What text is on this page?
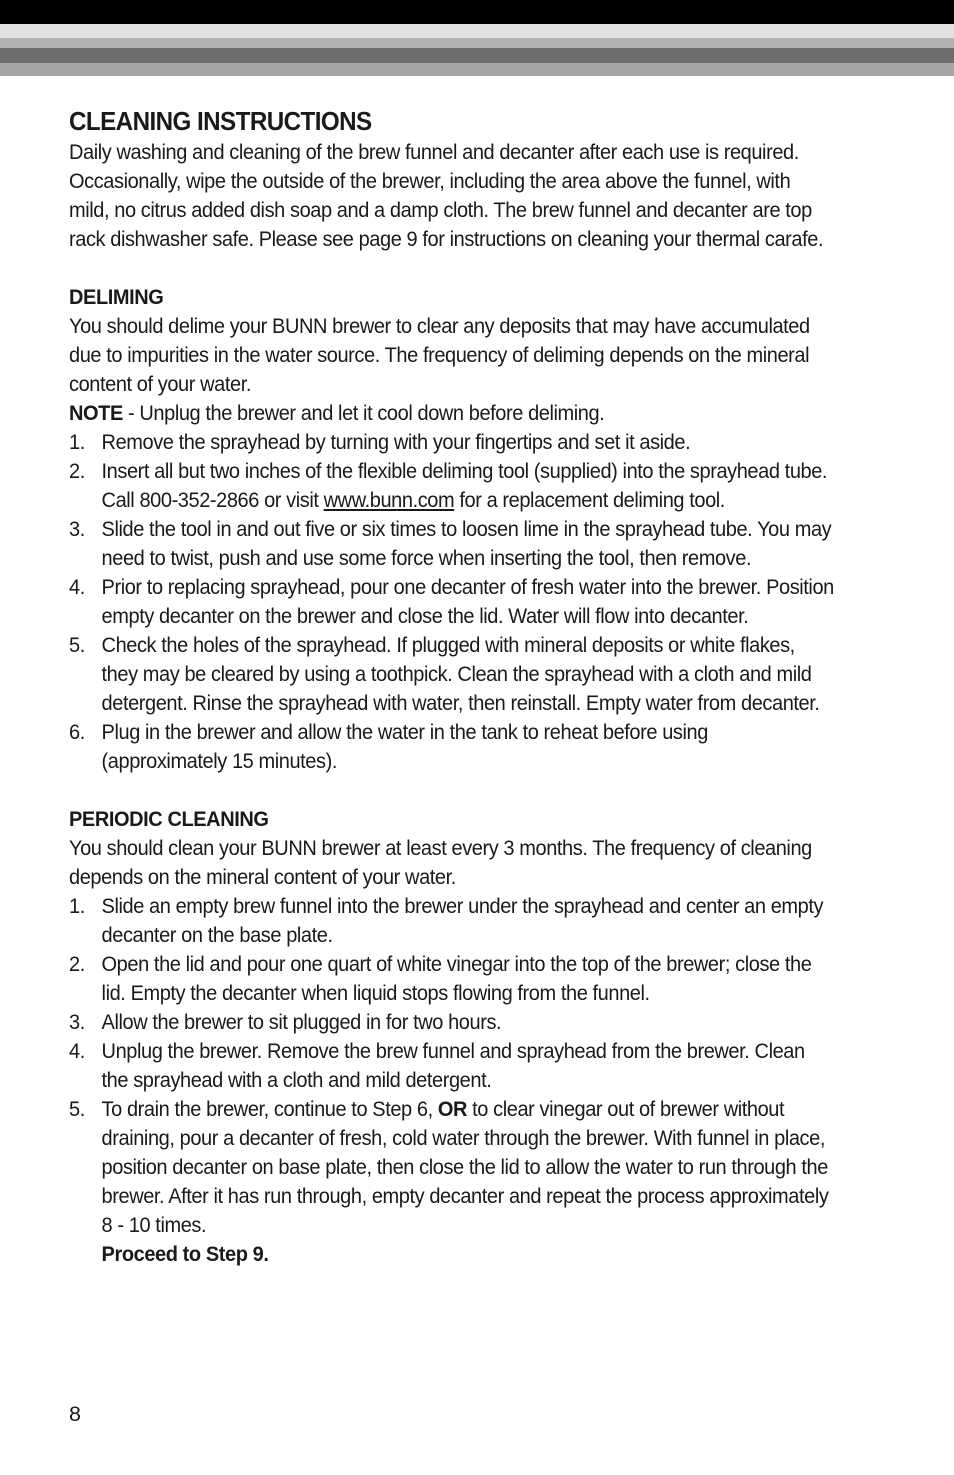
CLEANING INSTRUCTIONS

Daily washing and cleaning of the brew funnel and decanter after each use is required. Occasionally, wipe the outside of the brewer, including the area above the funnel, with mild, no citrus added dish soap and a damp cloth. The brew funnel and decanter are top rack dishwasher safe. Please see page 9 for instructions on cleaning your thermal carafe.

DELIMING

You should delime your BUNN brewer to clear any deposits that may have accumulated due to impurities in the water source. The frequency of deliming depends on the mineral content of your water.

NOTE - Unplug the brewer and let it cool down before deliming.

1. Remove the sprayhead by turning with your fingertips and set it aside.
2. Insert all but two inches of the flexible deliming tool (supplied) into the sprayhead tube. Call 800-352-2866 or visit www.bunn.com for a replacement deliming tool.
3. Slide the tool in and out five or six times to loosen lime in the sprayhead tube. You may need to twist, push and use some force when inserting the tool, then remove.
4. Prior to replacing sprayhead, pour one decanter of fresh water into the brewer. Position empty decanter on the brewer and close the lid. Water will flow into decanter.
5. Check the holes of the sprayhead. If plugged with mineral deposits or white flakes, they may be cleared by using a toothpick. Clean the sprayhead with a cloth and mild detergent. Rinse the sprayhead with water, then reinstall. Empty water from decanter.
6. Plug in the brewer and allow the water in the tank to reheat before using (approximately 15 minutes).
PERIODIC CLEANING

You should clean your BUNN brewer at least every 3 months. The frequency of cleaning depends on the mineral content of your water.

1. Slide an empty brew funnel into the brewer under the sprayhead and center an empty decanter on the base plate.
2. Open the lid and pour one quart of white vinegar into the top of the brewer; close the lid. Empty the decanter when liquid stops flowing from the funnel.
3. Allow the brewer to sit plugged in for two hours.
4. Unplug the brewer. Remove the brew funnel and sprayhead from the brewer. Clean the sprayhead with a cloth and mild detergent.
5. To drain the brewer, continue to Step 6, OR to clear vinegar out of brewer without draining, pour a decanter of fresh, cold water through the brewer. With funnel in place, position decanter on base plate, then close the lid to allow the water to run through the brewer. After it has run through, empty decanter and repeat the process approximately 8 - 10 times.

Proceed to Step 9.

8
